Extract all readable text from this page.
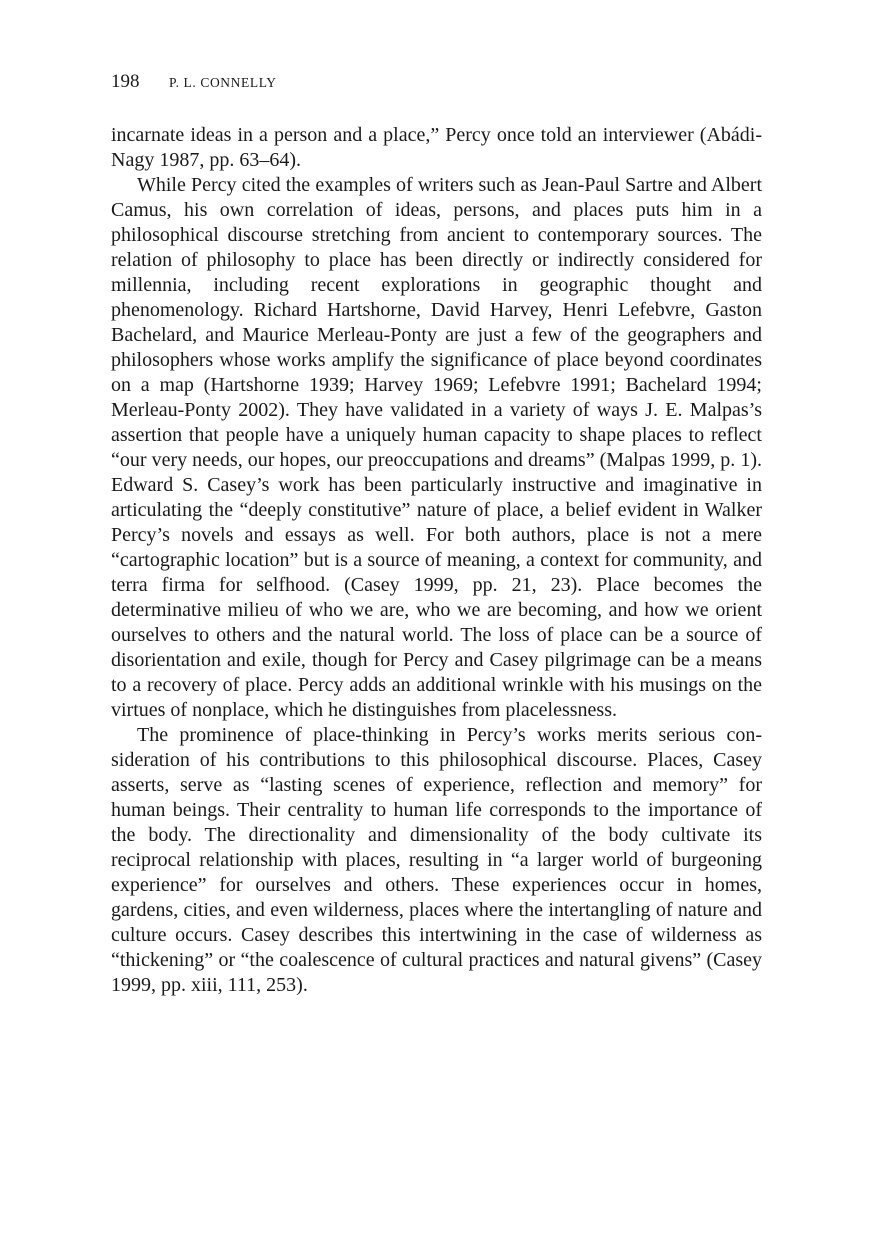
198 P. L. CONNELLY

incarnate ideas in a person and a place,” Percy once told an interviewer (Abádi-Nagy 1987, pp. 63–64).

While Percy cited the examples of writers such as Jean-Paul Sartre and Albert Camus, his own correlation of ideas, persons, and places puts him in a philosophical discourse stretching from ancient to contemporary sources. The relation of philosophy to place has been directly or indirectly considered for millennia, including recent explorations in geographic thought and phenomenology. Richard Hartshorne, David Harvey, Henri Lefebvre, Gaston Bachelard, and Maurice Merleau-Ponty are just a few of the geographers and philosophers whose works amplify the significance of place beyond coordinates on a map (Hartshorne 1939; Harvey 1969; Lefebvre 1991; Bachelard 1994; Merleau-Ponty 2002). They have validated in a variety of ways J. E. Malpas’s assertion that people have a uniquely human capacity to shape places to reflect “our very needs, our hopes, our preoccupations and dreams” (Malpas 1999, p. 1). Edward S. Casey’s work has been particularly instructive and imaginative in articulating the “deeply constitutive” nature of place, a belief evident in Walker Percy’s novels and essays as well. For both authors, place is not a mere “cartographic location” but is a source of meaning, a context for community, and terra firma for selfhood. (Casey 1999, pp. 21, 23). Place becomes the determinative milieu of who we are, who we are becoming, and how we orient ourselves to others and the natural world. The loss of place can be a source of disorientation and exile, though for Percy and Casey pilgrimage can be a means to a recovery of place. Percy adds an additional wrinkle with his musings on the virtues of nonplace, which he distinguishes from placelessness.

The prominence of place-thinking in Percy’s works merits serious consideration of his contributions to this philosophical discourse. Places, Casey asserts, serve as “lasting scenes of experience, reflection and memory” for human beings. Their centrality to human life corresponds to the importance of the body. The directionality and dimensionality of the body cultivate its reciprocal relationship with places, resulting in “a larger world of burgeoning experience” for ourselves and others. These experiences occur in homes, gardens, cities, and even wilderness, places where the intertangling of nature and culture occurs. Casey describes this intertwining in the case of wilderness as “thickening” or “the coalescence of cultural practices and natural givens” (Casey 1999, pp. xiii, 111, 253).
